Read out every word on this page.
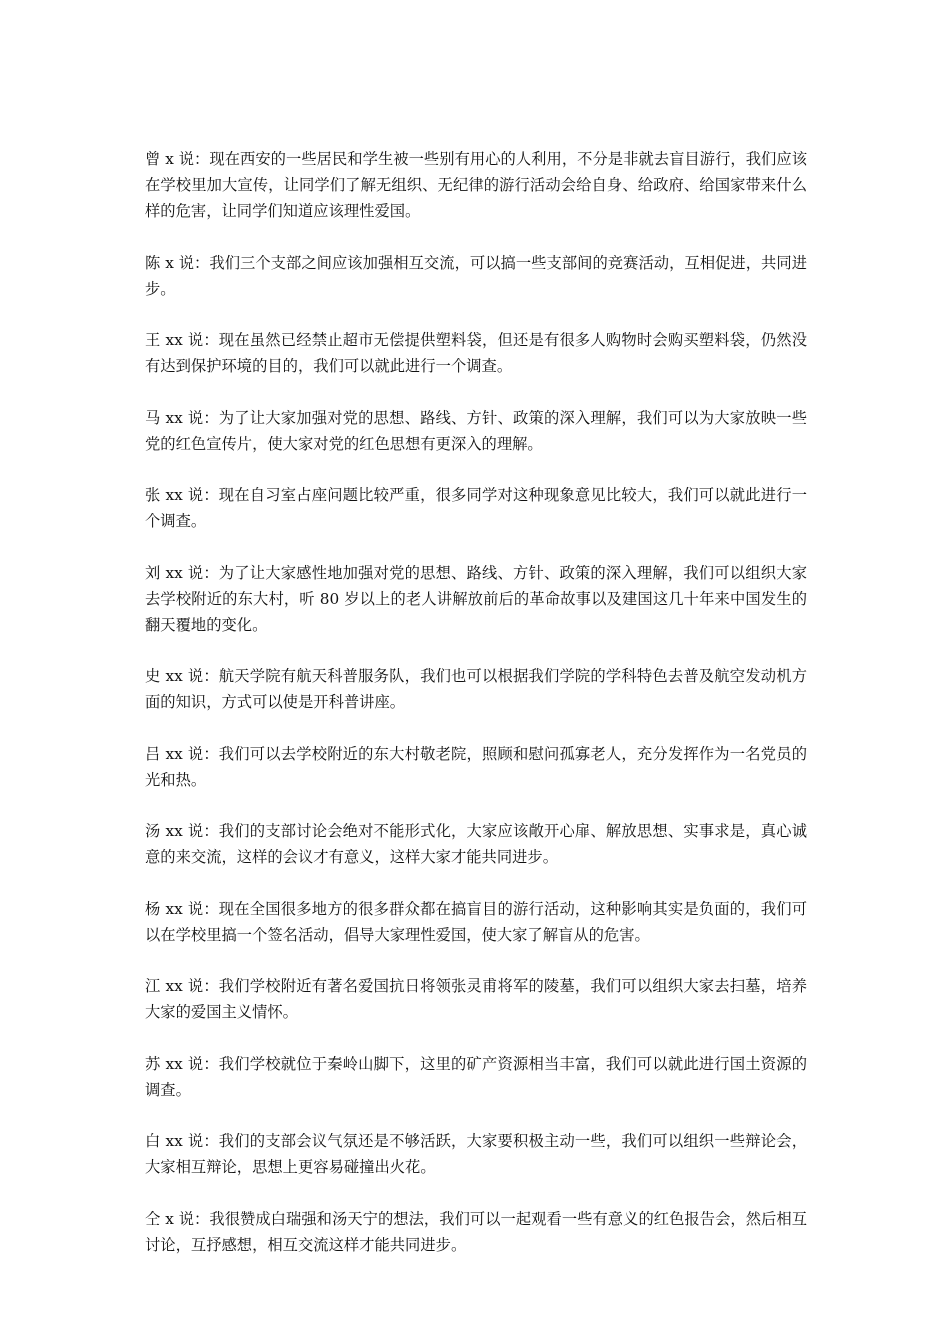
曾 x 说：现在西安的一些居民和学生被一些别有用心的人利用，不分是非就去盲目游行，我们应该在学校里加大宣传，让同学们了解无组织、无纪律的游行活动会给自身、给政府、给国家带来什么样的危害，让同学们知道应该理性爱国。

陈 x 说：我们三个支部之间应该加强相互交流，可以搞一些支部间的竞赛活动，互相促进，共同进步。

王 xx 说：现在虽然已经禁止超市无偿提供塑料袋，但还是有很多人购物时会购买塑料袋，仍然没有达到保护环境的目的，我们可以就此进行一个调查。

马 xx 说：为了让大家加强对党的思想、路线、方针、政策的深入理解，我们可以为大家放映一些党的红色宣传片，使大家对党的红色思想有更深入的理解。

张 xx 说：现在自习室占座问题比较严重，很多同学对这种现象意见比较大，我们可以就此进行一个调查。

刘 xx 说：为了让大家感性地加强对党的思想、路线、方针、政策的深入理解，我们可以组织大家去学校附近的东大村，听 80 岁以上的老人讲解放前后的革命故事以及建国这几十年来中国发生的翻天覆地的变化。

史 xx 说：航天学院有航天科普服务队，我们也可以根据我们学院的学科特色去普及航空发动机方面的知识，方式可以使是开科普讲座。

吕 xx 说：我们可以去学校附近的东大村敬老院，照顾和慰问孤寡老人，充分发挥作为一名党员的光和热。

汤 xx 说：我们的支部讨论会绝对不能形式化，大家应该敞开心扉、解放思想、实事求是，真心诚意的来交流，这样的会议才有意义，这样大家才能共同进步。

杨 xx 说：现在全国很多地方的很多群众都在搞盲目的游行活动，这种影响其实是负面的，我们可以在学校里搞一个签名活动，倡导大家理性爱国，使大家了解盲从的危害。

江 xx 说：我们学校附近有著名爱国抗日将领张灵甫将军的陵墓，我们可以组织大家去扫墓，培养大家的爱国主义情怀。

苏 xx 说：我们学校就位于秦岭山脚下，这里的矿产资源相当丰富，我们可以就此进行国土资源的调查。

白 xx 说：我们的支部会议气氛还是不够活跃，大家要积极主动一些，我们可以组织一些辩论会，大家相互辩论，思想上更容易碰撞出火花。

仝 x 说：我很赞成白瑞强和汤天宁的想法，我们可以一起观看一些有意义的红色报告会，然后相互讨论，互抒感想，相互交流这样才能共同进步。
